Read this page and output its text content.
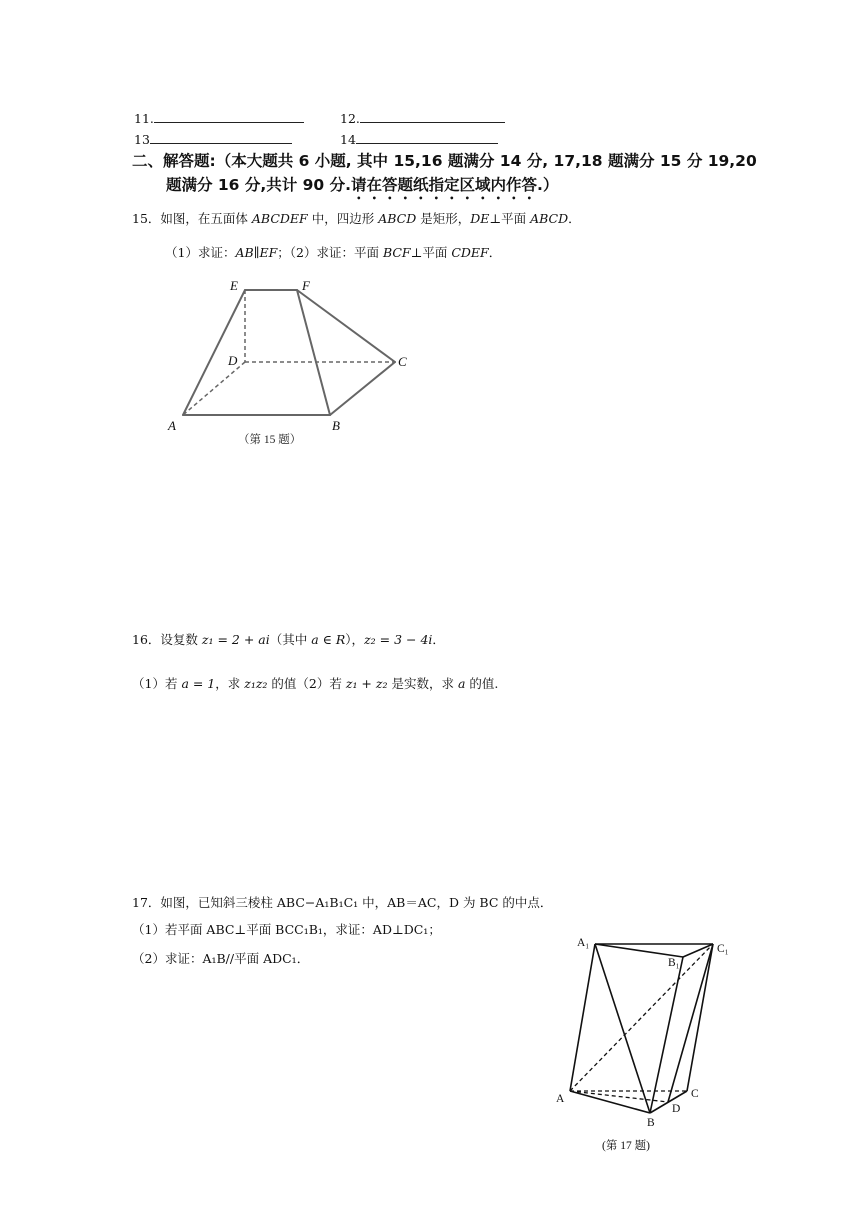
11.	12.
13	14
二、解答题:（本大题共 6 小题, 其中 15,16 题满分 14 分, 17,18 题满分 15 分 19,20
题满分 16 分,共计 90 分.请在答题纸指定区域内作答.）
15．如图，在五面体 ABCDEF 中，四边形 ABCD 是矩形，DE⊥平面 ABCD．
（1）求证：AB∥EF；（2）求证：平面 BCF⊥平面 CDEF．
E	F
D	C
A	B
（第 15 题）
16．设复数 z₁ = 2 + ai（其中 a ∈ R），z₂ = 3 − 4i．
（1）若 a = 1，求 z₁z₂ 的值（2）若 z₁ + z₂ 是实数，求 a 的值.
17．如图，已知斜三棱柱 ABC−A₁B₁C₁ 中，AB＝AC，D 为 BC 的中点．
（1）若平面 ABC⊥平面 BCC₁B₁，求证：AD⊥DC₁；
（2）求证：A₁B//平面 ADC₁．
A₁
B₁
C₁
A
B
C
D
(第 17 题)
